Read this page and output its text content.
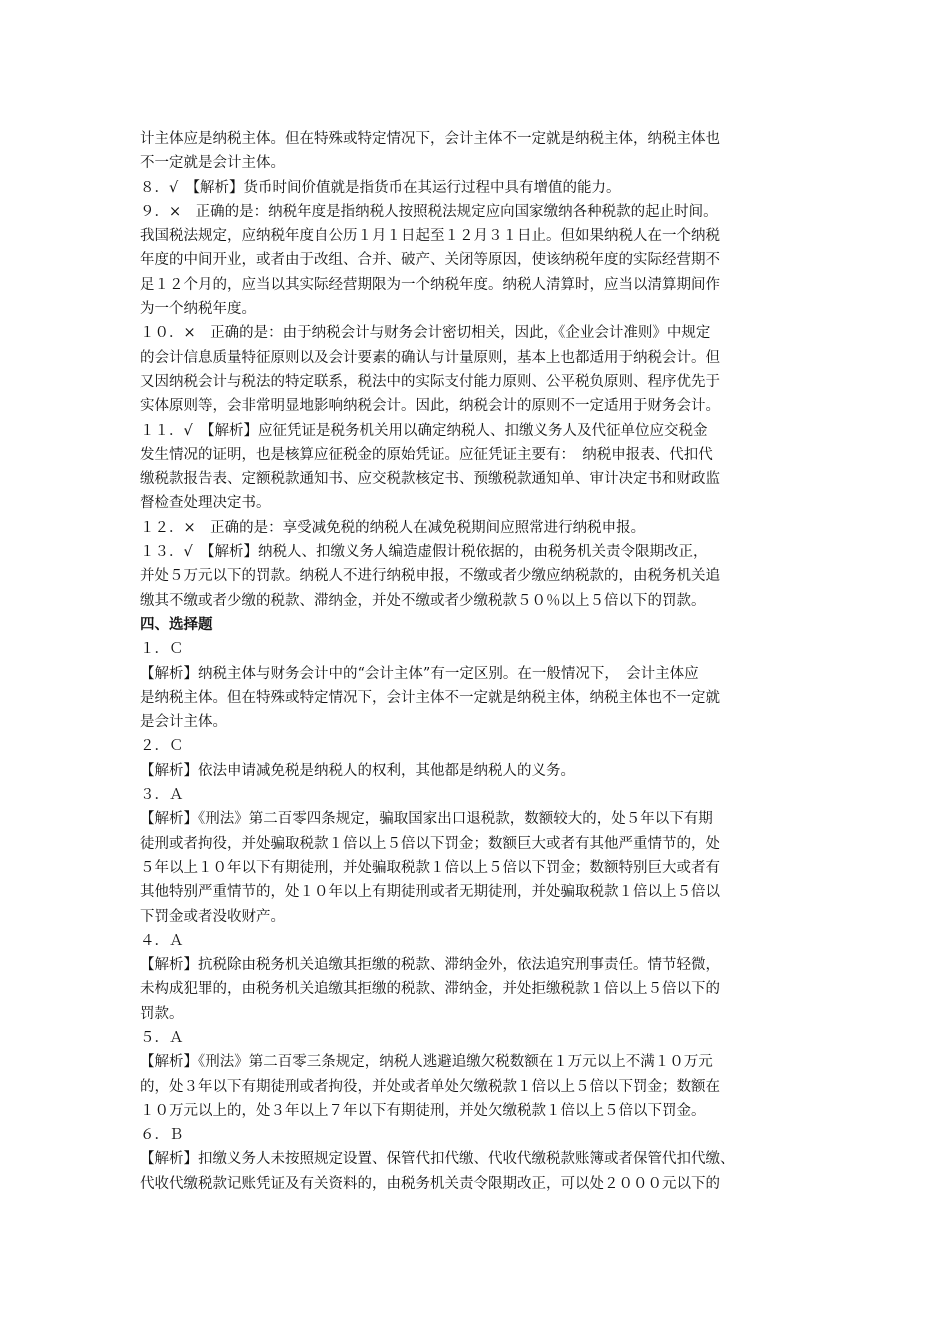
计主体应是纳税主体。但在特殊或特定情况下，会计主体不一定就是纳税主体，纳税主体也
不一定就是会计主体。
８．√　【解析】货币时间价值就是指货币在其运行过程中具有增值的能力。
９．×　正确的是：纳税年度是指纳税人按照税法规定应向国家缴纳各种税款的起止时间。
我国税法规定，应纳税年度自公历１月１日起至１２月３１日止。但如果纳税人在一个纳税
年度的中间开业，或者由于改组、合并、破产、关闭等原因，使该纳税年度的实际经营期不
足１２个月的，应当以其实际经营期限为一个纳税年度。纳税人清算时，应当以清算期间作
为一个纳税年度。
１０．×　正确的是：由于纳税会计与财务会计密切相关，因此，《企业会计准则》中规定
的会计信息质量特征原则以及会计要素的确认与计量原则，基本上也都适用于纳税会计。但
又因纳税会计与税法的特定联系，税法中的实际支付能力原则、公平税负原则、程序优先于
实体原则等，会非常明显地影响纳税会计。因此，纳税会计的原则不一定适用于财务会计。
１１．√　【解析】应征凭证是税务机关用以确定纳税人、扣缴义务人及代征单位应交税金
发生情况的证明，也是核算应征税金的原始凭证。应征凭证主要有：　纳税申报表、代扣代
缴税款报告表、定额税款通知书、应交税款核定书、预缴税款通知单、审计决定书和财政监
督检查处理决定书。
１２．×　正确的是：享受减免税的纳税人在减免税期间应照常进行纳税申报。
１３．√　【解析】纳税人、扣缴义务人编造虚假计税依据的，由税务机关责令限期改正，
并处５万元以下的罚款。纳税人不进行纳税申报，不缴或者少缴应纳税款的，由税务机关追
缴其不缴或者少缴的税款、滞纳金，并处不缴或者少缴税款５０％以上５倍以下的罚款。
四、选择题
１．Ｃ
【解析】纳税主体与财务会计中的“会计主体”有一定区别。在一般情况下，　会计主体应
是纳税主体。但在特殊或特定情况下，会计主体不一定就是纳税主体，纳税主体也不一定就
是会计主体。
２．Ｃ
【解析】依法申请减免税是纳税人的权利，其他都是纳税人的义务。
３．Ａ
【解析】《刑法》第二百零四条规定，骗取国家出口退税款，数额较大的，处５年以下有期
徒刑或者拘役，并处骗取税款１倍以上５倍以下罚金；数额巨大或者有其他严重情节的，处
５年以上１０年以下有期徒刑，并处骗取税款１倍以上５倍以下罚金；数额特别巨大或者有
其他特别严重情节的，处１０年以上有期徒刑或者无期徒刑，并处骗取税款１倍以上５倍以
下罚金或者没收财产。
４．Ａ
【解析】抗税除由税务机关追缴其拒缴的税款、滞纳金外，依法追究刑事责任。情节轻微，
未构成犯罪的，由税务机关追缴其拒缴的税款、滞纳金，并处拒缴税款１倍以上５倍以下的
罚款。
５．Ａ
【解析】《刑法》第二百零三条规定，纳税人逃避追缴欠税数额在１万元以上不满１０万元
的，处３年以下有期徒刑或者拘役，并处或者单处欠缴税款１倍以上５倍以下罚金；数额在
１０万元以上的，处３年以上７年以下有期徒刑，并处欠缴税款１倍以上５倍以下罚金。
６．Ｂ
【解析】扣缴义务人未按照规定设置、保管代扣代缴、代收代缴税款账簿或者保管代扣代缴、
代收代缴税款记账凭证及有关资料的，由税务机关责令限期改正，可以处２０００元以下的
